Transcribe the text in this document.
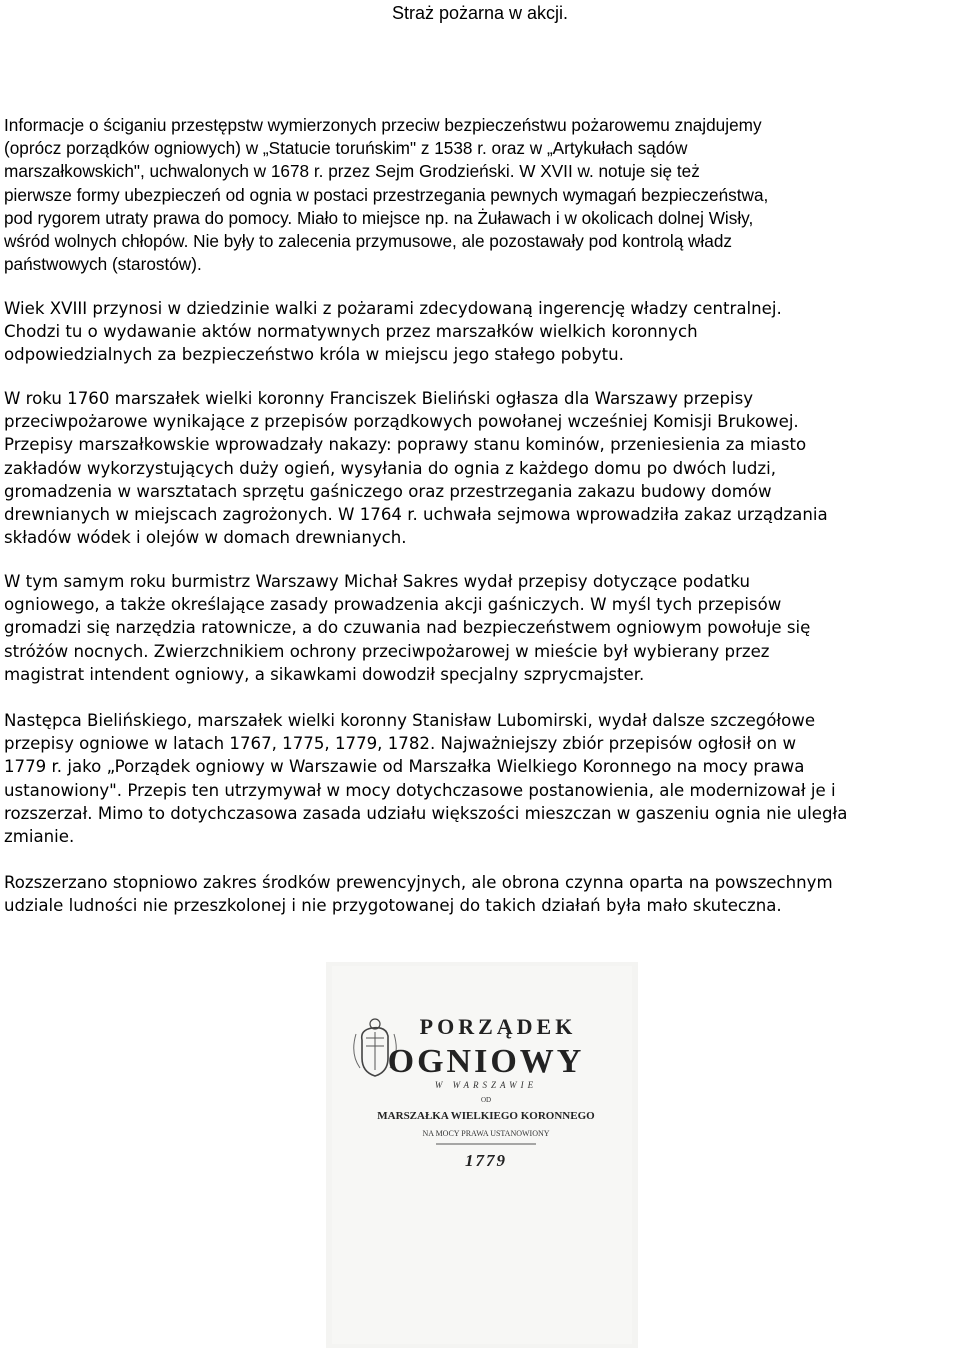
Straż pożarna w akcji.
Informacje o ściganiu przestępstw wymierzonych przeciw bezpieczeństwu pożarowemu znajdujemy
(oprócz porządków ogniowych) w „Statucie toruńskim" z 1538 r. oraz w „Artykułach sądów
marszałkowskich", uchwalonych w 1678 r. przez Sejm Grodzieński. W XVII w. notuje się też
pierwsze formy ubezpieczeń od ognia w postaci przestrzegania pewnych wymagań bezpieczeństwa,
pod rygorem utraty prawa do pomocy. Miało to miejsce np. na Żuławach i w okolicach dolnej Wisły,
wśród wolnych chłopów. Nie były to zalecenia przymusowe, ale pozostawały pod kontrolą władz
państwowych (starostów).
Wiek XVIII przynosi w dziedzinie walki z pożarami zdecydowaną ingerencję władzy centralnej.
Chodzi tu o wydawanie aktów normatywnych przez marszałków wielkich koronnych
odpowiedzialnych za bezpieczeństwo króla w miejscu jego stałego pobytu.
W roku 1760 marszałek wielki koronny Franciszek Bieliński ogłasza dla Warszawy przepisy
przeciwpożarowe wynikające z przepisów porządkowych powołanej wcześniej Komisji Brukowej.
Przepisy marszałkowskie wprowadzały nakazy: poprawy stanu kominów, przeniesienia za miasto
zakładów wykorzystujących duży ogień, wysyłania do ognia z każdego domu po dwóch ludzi,
gromadzenia w warsztatach sprzętu gaśniczego oraz przestrzegania zakazu budowy domów
drewnianych w miejscach zagrożonych. W 1764 r. uchwała sejmowa wprowadziła zakaz urządzania
składów wódek i olejów w domach drewnianych.
W tym samym roku burmistrz Warszawy Michał Sakres wydał przepisy dotyczące podatku
ogniowego, a także określające zasady prowadzenia akcji gaśniczych. W myśl tych przepisów
gromadzi się narzędzia ratownicze, a do czuwania nad bezpieczeństwem ogniowym powołuje się
stróżów nocnych. Zwierzchnikiem ochrony przeciwpożarowej w mieście był wybierany przez
magistrat intendent ogniowy, a sikawkami dowodził specjalny szprycmajster.
Następca Bielińskiego, marszałek wielki koronny Stanisław Lubomirski, wydał dalsze szczegółowe
przepisy ogniowe w latach 1767, 1775, 1779, 1782. Najważniejszy zbiór przepisów ogłosił on w
1779 r. jako „Porządek ogniowy w Warszawie od Marszałka Wielkiego Koronnego na mocy prawa
ustanowiony". Przepis ten utrzymywał w mocy dotychczasowe postanowienia, ale modernizował je i
rozszerzał. Mimo to dotychczasowa zasada udziału większości mieszczan w gaszeniu ognia nie uległa
zmianie.
Rozszerzano stopniowo zakres środków prewencyjnych, ale obrona czynna oparta na powszechnym
udziale ludności nie przeszkolonej i nie przygotowanej do takich działań była mało skuteczna.
PORZĄDEK
OGNIOWY
W WARSZAWIE
OD
MARSZAŁKA WIELKIEGO KORONNEGO
NA MOCY PRAWA USTANOWIONY
1779
